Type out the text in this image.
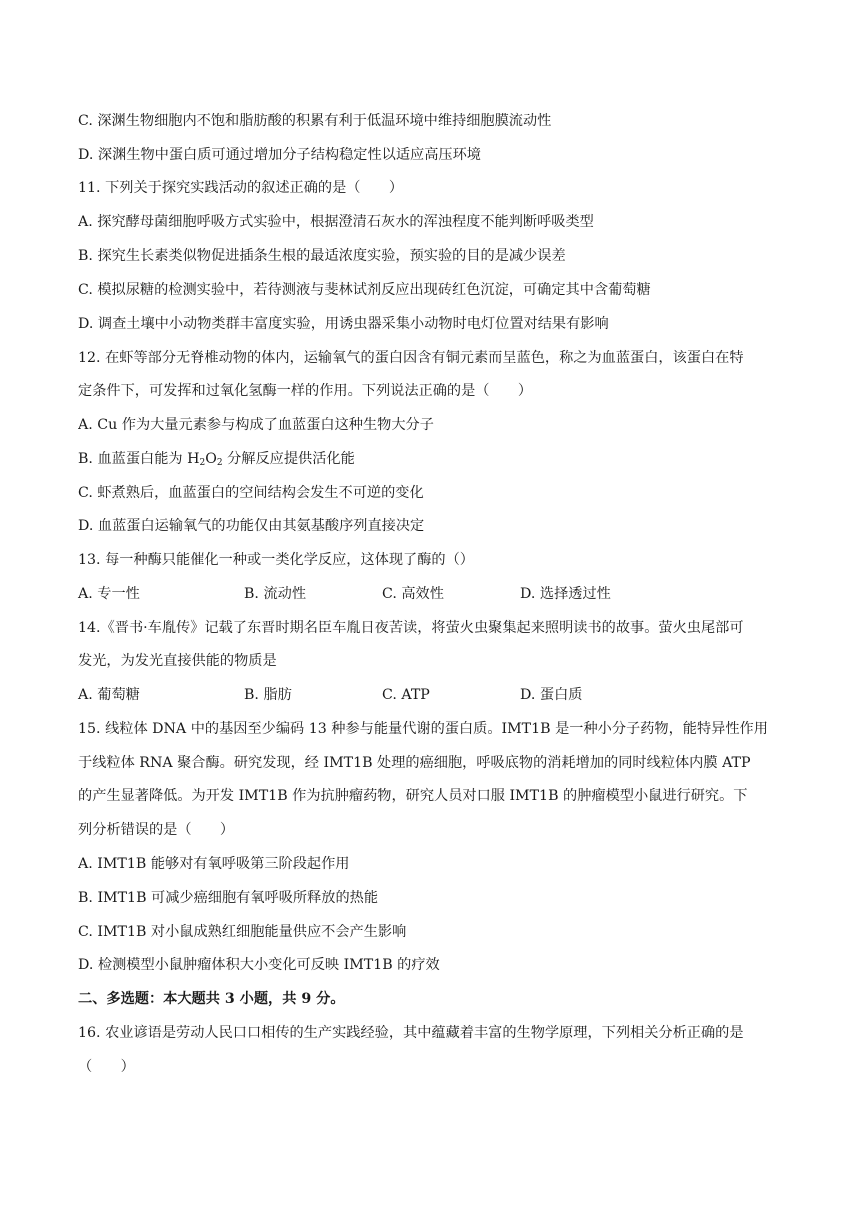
C. 深渊生物细胞内不饱和脂肪酸的积累有利于低温环境中维持细胞膜流动性
D. 深渊生物中蛋白质可通过增加分子结构稳定性以适应高压环境
11. 下列关于探究实践活动的叙述正确的是（　　）
A. 探究酵母菌细胞呼吸方式实验中，根据澄清石灰水的浑浊程度不能判断呼吸类型
B. 探究生长素类似物促进插条生根的最适浓度实验，预实验的目的是减少误差
C. 模拟尿糖的检测实验中，若待测液与斐林试剂反应出现砖红色沉淀，可确定其中含葡萄糖
D. 调查土壤中小动物类群丰富度实验，用诱虫器采集小动物时电灯位置对结果有影响
12. 在虾等部分无脊椎动物的体内，运输氧气的蛋白因含有铜元素而呈蓝色，称之为血蓝蛋白，该蛋白在特
定条件下，可发挥和过氧化氢酶一样的作用。下列说法正确的是（　　）
A. Cu 作为大量元素参与构成了血蓝蛋白这种生物大分子
B. 血蓝蛋白能为 $H_2O_2$ 分解反应提供活化能
C. 虾煮熟后，血蓝蛋白的空间结构会发生不可逆的变化
D. 血蓝蛋白运输氧气的功能仅由其氨基酸序列直接决定
13. 每一种酶只能催化一种或一类化学反应，这体现了酶的（）
A. 专一性	B. 流动性	C. 高效性	D. 选择透过性
14.《晋书·车胤传》记载了东晋时期名臣车胤日夜苦读，将萤火虫聚集起来照明读书的故事。萤火虫尾部可
发光，为发光直接供能的物质是
A. 葡萄糖	B. 脂肪	C. ATP	D. 蛋白质
15. 线粒体 DNA 中的基因至少编码 13 种参与能量代谢的蛋白质。IMT1B 是一种小分子药物，能特异性作用
于线粒体 RNA 聚合酶。研究发现，经 IMT1B 处理的癌细胞，呼吸底物的消耗增加的同时线粒体内膜 ATP
的产生显著降低。为开发 IMT1B 作为抗肿瘤药物，研究人员对口服 IMT1B 的肿瘤模型小鼠进行研究。下
列分析错误的是（　　）
A. IMT1B 能够对有氧呼吸第三阶段起作用
B. IMT1B 可减少癌细胞有氧呼吸所释放的热能
C. IMT1B 对小鼠成熟红细胞能量供应不会产生影响
D. 检测模型小鼠肿瘤体积大小变化可反映 IMT1B 的疗效
二、多选题：本大题共 3 小题，共 9 分。
16. 农业谚语是劳动人民口口相传的生产实践经验，其中蕴藏着丰富的生物学原理，下列相关分析正确的是
（　　）
